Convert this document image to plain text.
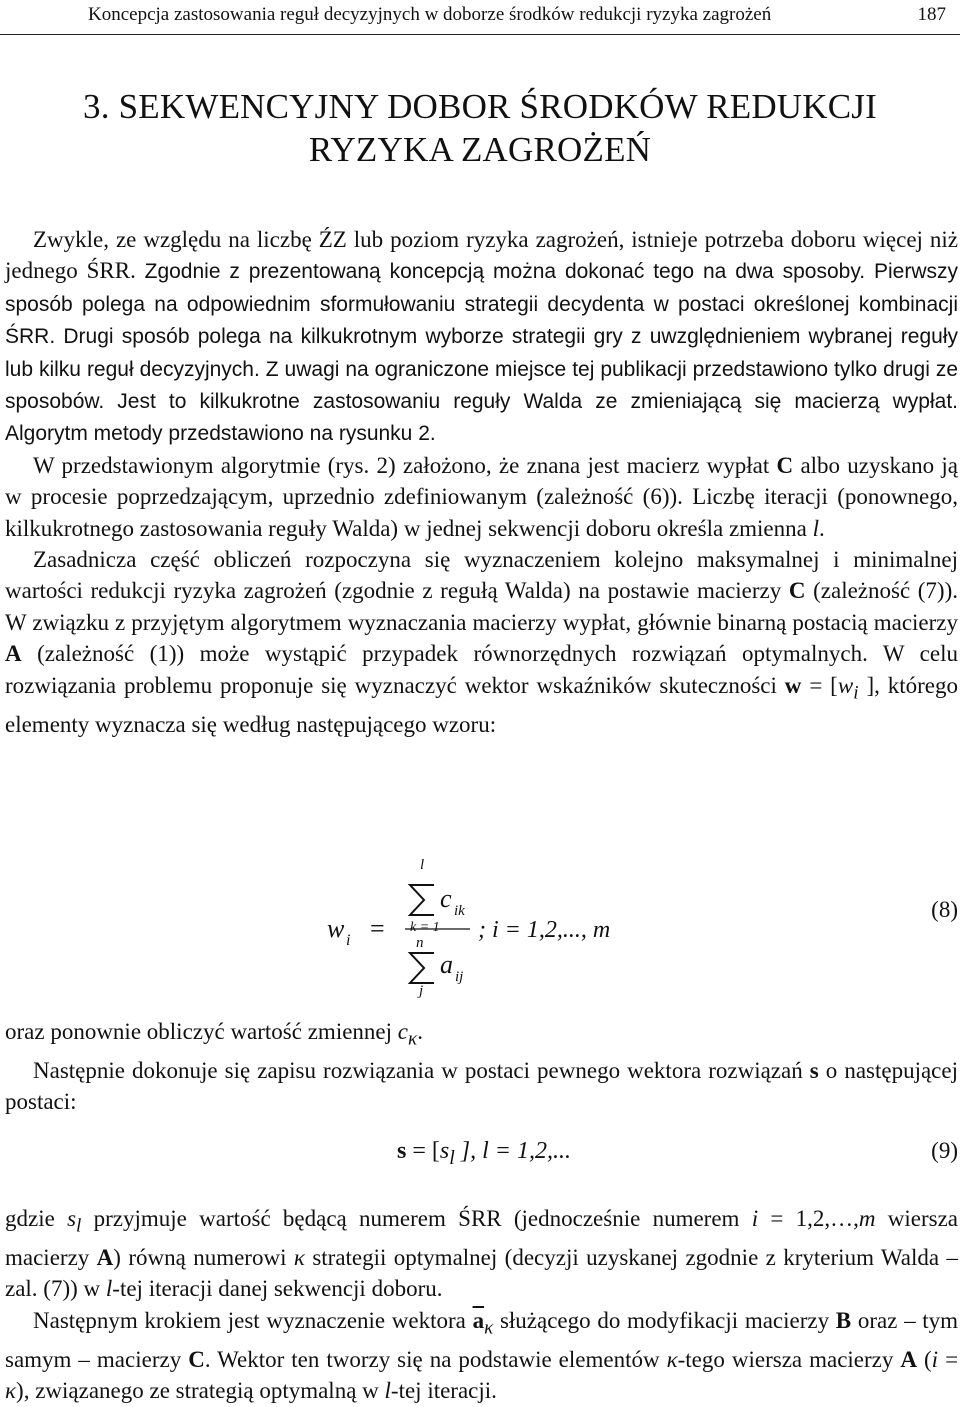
Koncepcja zastosowania reguł decyzyjnych w doborze środków redukcji ryzyka zagrożeń	187
3. SEKWENCYJNY DOBOR ŚRODKÓW REDUKCJI
RYZYKA ZAGROŻEŃ

Zwykle, ze względu na liczbę ŹZ lub poziom ryzyka zagrożeń, istnieje potrzeba doboru więcej niż jednego ŚRR. Zgodnie z prezentowaną koncepcją można dokonać tego na dwa sposoby. Pierwszy sposób polega na odpowiednim sformułowaniu strategii decydenta w postaci określonej kombinacji ŚRR. Drugi sposób polega na kilkukrotnym wyborze strategii gry z uwzględnieniem wybranej reguły lub kilku reguł decyzyjnych. Z uwagi na ograniczone miejsce tej publikacji przedstawiono tylko drugi ze sposobów. Jest to kilkukrotne zastosowaniu reguły Walda ze zmieniającą się macierzą wypłat. Algorytm metody przedstawiono na rysunku 2.

W przedstawionym algorytmie (rys. 2) założono, że znana jest macierz wypłat C albo uzyskano ją w procesie poprzedzającym, uprzednio zdefiniowanym (zależność (6)). Liczbę iteracji (ponownego, kilkukrotnego zastosowania reguły Walda) w jednej sekwencji doboru określa zmienna l.

Zasadnicza część obliczeń rozpoczyna się wyznaczeniem kolejno maksymalnej i minimalnej wartości redukcji ryzyka zagrożeń (zgodnie z regułą Walda) na postawie macierzy C (zależność (7)). W związku z przyjętym algorytmem wyznaczania macierzy wypłat, głównie binarną postacią macierzy A (zależność (1)) może wystąpić przypadek równorzędnych rozwiązań optymalnych. W celu rozwiązania problemu proponuje się wyznaczyć wektor wskaźników skuteczności $w = [w_i$ ], którego elementy wyznacza się według następującego wzoru:

w i =
l
k = 1
c ik
n
a ij
; i = 1,2,..., m
(8)
j

oraz ponownie obliczyć wartość zmiennej $c_\kappa$.

Następnie dokonuje się zapisu rozwiązania w postaci pewnego wektora rozwiązań s o następującej postaci:

$s = [s_l$ ], l = 1,2,...	(9)

gdzie $s_l$ przyjmuje wartość będącą numerem ŚRR (jednocześnie numerem i = 1,2,…,m wiersza macierzy A) równą numerowi κ strategii optymalnej (decyzji uzyskanej zgodnie z kryterium Walda – zal. (7)) w l-tej iteracji danej sekwencji doboru.

Następnym krokiem jest wyznaczenie wektora $\overline{a}_\kappa$ służącego do modyfikacji macierzy B oraz – tym samym – macierzy C. Wektor ten tworzy się na podstawie elementów κ-tego wiersza macierzy A (i = κ), związanego ze strategią optymalną w l-tej iteracji.
